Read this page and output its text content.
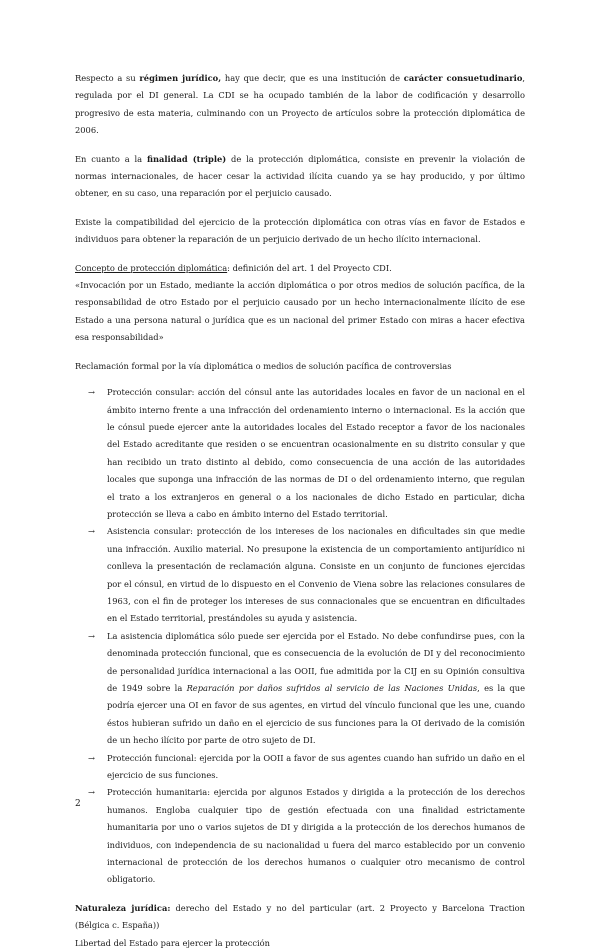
Respecto a su régimen jurídico, hay que decir, que es una institución de carácter consuetudinario, regulada por el DI general. La CDI se ha ocupado también de la labor de codificación y desarrollo progresivo de esta materia, culminando con un Proyecto de artículos sobre la protección diplomática de 2006.

En cuanto a la finalidad (triple) de la protección diplomática, consiste en prevenir la violación de normas internacionales, de hacer cesar la actividad ilícita cuando ya se hay producido, y por último obtener, en su caso, una reparación por el perjuicio causado.

Existe la compatibilidad del ejercicio de la protección diplomática con otras vías en favor de Estados e individuos para obtener la reparación de un perjuicio derivado de un hecho ilícito internacional.

Concepto de protección diplomática: definición del art. 1 del Proyecto CDI.

«Invocación por un Estado, mediante la acción diplomática o por otros medios de solución pacífica, de la responsabilidad de otro Estado por el perjuicio causado por un hecho internacionalmente ilícito de ese Estado a una persona natural o jurídica que es un nacional del primer Estado con miras a hacer efectiva esa responsabilidad»

Reclamación formal por la vía diplomática o medios de solución pacífica de controversias

→ Protección consular: acción del cónsul ante las autoridades locales en favor de un nacional en el ámbito interno frente a una infracción del ordenamiento interno o internacional. Es la acción que le cónsul puede ejercer ante la autoridades locales del Estado receptor a favor de los nacionales del Estado acreditante que residen o se encuentran ocasionalmente en su distrito consular y que han recibido un trato distinto al debido, como consecuencia de una acción de las autoridades locales que suponga una infracción de las normas de DI o del ordenamiento interno, que regulan el trato a los extranjeros en general o a los nacionales de dicho Estado en particular, dicha protección se lleva a cabo en ámbito interno del Estado territorial.
→ Asistencia consular: protección de los intereses de los nacionales en dificultades sin que medie una infracción. Auxilio material. No presupone la existencia de un comportamiento antijurídico ni conlleva la presentación de reclamación alguna. Consiste en un conjunto de funciones ejercidas por el cónsul, en virtud de lo dispuesto en el Convenio de Viena sobre las relaciones consulares de 1963, con el fin de proteger los intereses de sus connacionales que se encuentran en dificultades en el Estado territorial, prestándoles su ayuda y asistencia.
→ La asistencia diplomática sólo puede ser ejercida por el Estado. No debe confundirse pues, con la denominada protección funcional, que es consecuencia de la evolución de DI y del reconocimiento de personalidad jurídica internacional a las OOII, fue admitida por la CIJ en su Opinión consultiva de 1949 sobre la Reparación por daños sufridos al servicio de las Naciones Unidas, es la que podría ejercer una OI en favor de sus agentes, en virtud del vínculo funcional que les une, cuando éstos hubieran sufrido un daño en el ejercicio de sus funciones para la OI derivado de la comisión de un hecho ilícito por parte de otro sujeto de DI.
→ Protección funcional: ejercida por la OOII a favor de sus agentes cuando han sufrido un daño en el ejercicio de sus funciones.
→ Protección humanitaria: ejercida por algunos Estados y dirigida a la protección de los derechos humanos. Engloba cualquier tipo de gestión efectuada con una finalidad estrictamente humanitaria por uno o varios sujetos de DI y dirigida a la protección de los derechos humanos de individuos, con independencia de su nacionalidad u fuera del marco establecido por un convenio internacional de protección de los derechos humanos o cualquier otro mecanismo de control obligatorio.

Naturaleza jurídica: derecho del Estado y no del particular (art. 2 Proyecto y Barcelona Traction (Bélgica c. España))

Libertad del Estado para ejercer la protección

2
